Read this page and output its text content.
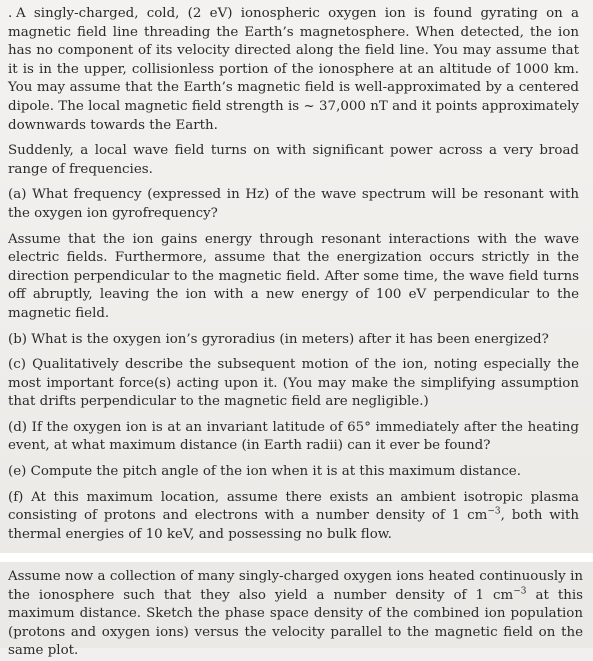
. A singly-charged, cold, (2 eV) ionospheric oxygen ion is found gyrating on a magnetic field line threading the Earth’s magnetosphere. When detected, the ion has no component of its velocity directed along the field line. You may assume that it is in the upper, collisionless portion of the ionosphere at an altitude of 1000 km. You may assume that the Earth’s magnetic field is well-approximated by a centered dipole. The local magnetic field strength is ~ 37,000 nT and it points approximately downwards towards the Earth.

Suddenly, a local wave field turns on with significant power across a very broad range of frequencies.

(a) What frequency (expressed in Hz) of the wave spectrum will be resonant with the oxygen ion gyrofrequency?

Assume that the ion gains energy through resonant interactions with the wave electric fields. Furthermore, assume that the energization occurs strictly in the direction perpendicular to the magnetic field. After some time, the wave field turns off abruptly, leaving the ion with a new energy of 100 eV perpendicular to the magnetic field.

(b) What is the oxygen ion’s gyroradius (in meters) after it has been energized?

(c) Qualitatively describe the subsequent motion of the ion, noting especially the most important force(s) acting upon it. (You may make the simplifying assumption that drifts perpendicular to the magnetic field are negligible.)

(d) If the oxygen ion is at an invariant latitude of 65° immediately after the heating event, at what maximum distance (in Earth radii) can it ever be found?

(e) Compute the pitch angle of the ion when it is at this maximum distance.

(f) At this maximum location, assume there exists an ambient isotropic plasma consisting of protons and electrons with a number density of 1 $cm^{-3}$, both with thermal energies of 10 keV, and possessing no bulk flow.

Assume now a collection of many singly-charged oxygen ions heated continuously in the ionosphere such that they also yield a number density of 1 $cm^{-3}$ at this maximum distance. Sketch the phase space density of the combined ion population (protons and oxygen ions) versus the velocity parallel to the magnetic field on the same plot.
